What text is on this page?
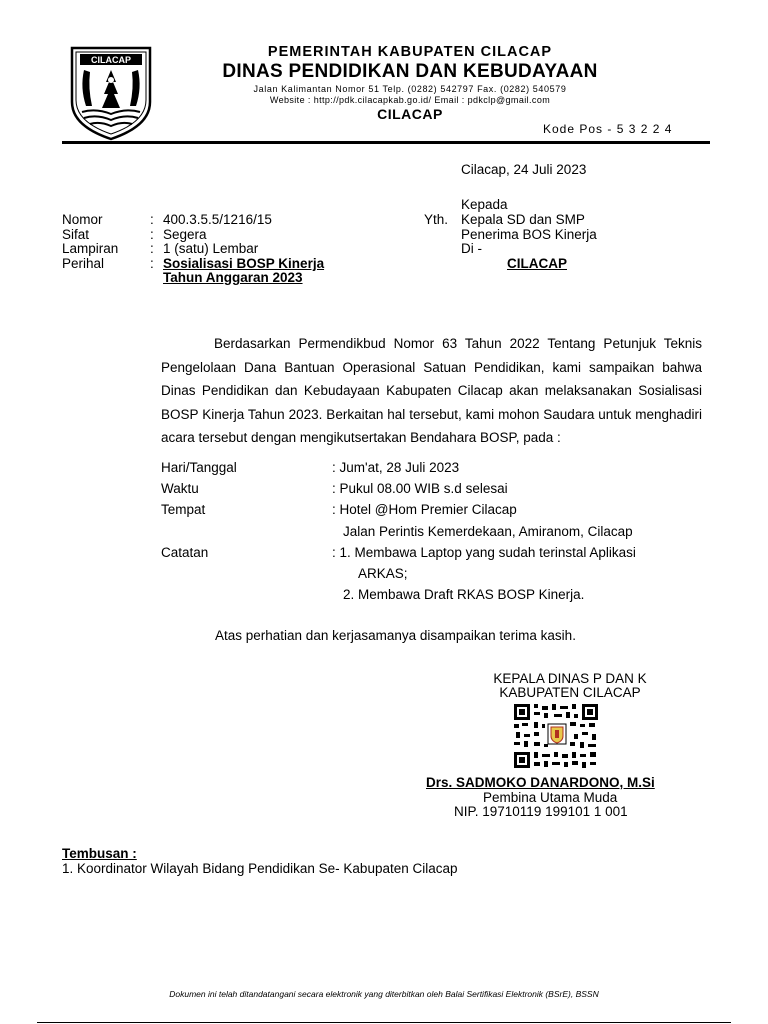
CILACAP	PEMERINTAH KABUPATEN CILACAP
DINAS PENDIDIKAN DAN KEBUDAYAAN
Jalan Kalimantan Nomor 51 Telp. (0282) 542797 Fax. (0282) 540579
Website : http://pdk.cilacapkab.go.id/ Email : pdkclp@gmail.com
CILACAP
Kode Pos - 5 3 2 2 4
Cilacap, 24 Juli 2023
Kepada
Yth. Kepala SD dan SMP
Penerima BOS Kinerja
Di -
CILACAP
Nomor	: 400.3.5.5/1216/15
Sifat	: Segera
Lampiran : 1 (satu) Lembar
Perihal	: Sosialisasi BOSP Kinerja
Tahun Anggaran 2023
Berdasarkan Permendikbud Nomor 63 Tahun 2022 Tentang Petunjuk Teknis Pengelolaan Dana Bantuan Operasional Satuan Pendidikan, kami sampaikan bahwa Dinas Pendidikan dan Kebudayaan Kabupaten Cilacap akan melaksanakan Sosialisasi BOSP Kinerja Tahun 2023. Berkaitan hal tersebut, kami mohon Saudara untuk menghadiri acara tersebut dengan mengikutsertakan Bendahara BOSP, pada :
Hari/Tanggal	: Jum'at, 28 Juli 2023
Waktu	: Pukul 08.00 WIB s.d selesai
Tempat	: Hotel @Hom Premier Cilacap
Jalan Perintis Kemerdekaan, Amiranom, Cilacap
Catatan	: 1. Membawa Laptop yang sudah terinstal Aplikasi
ARKAS;
2. Membawa Draft RKAS BOSP Kinerja.
Atas perhatian dan kerjasamanya disampaikan terima kasih.
KEPALA DINAS P DAN K
KABUPATEN CILACAP
Drs. SADMOKO DANARDONO, M.Si
Pembina Utama Muda
NIP. 19710119 199101 1 001
Tembusan :
1. Koordinator Wilayah Bidang Pendidikan Se- Kabupaten Cilacap
Dokumen ini telah ditandatangani secara elektronik yang diterbitkan oleh Balai Sertifikasi Elektronik (BSrE), BSSN
